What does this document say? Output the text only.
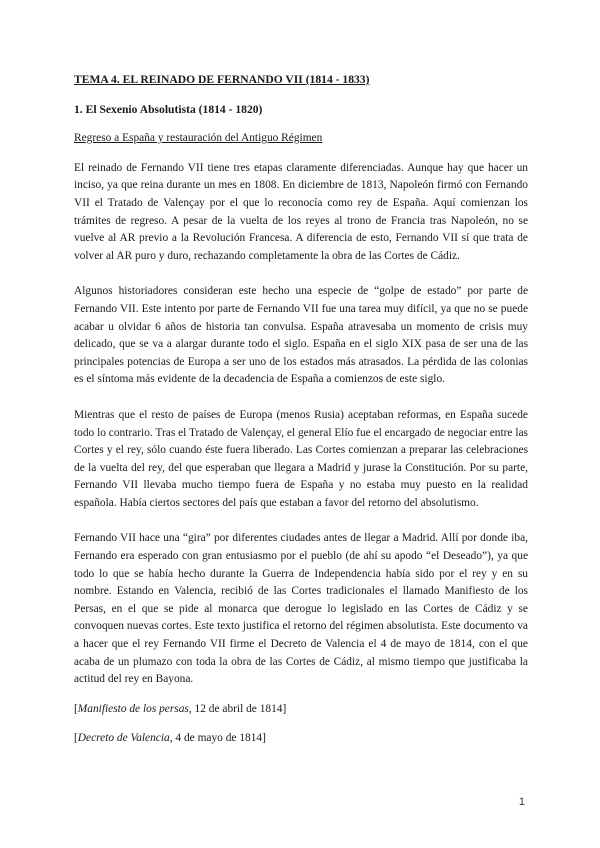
TEMA 4. EL REINADO DE FERNANDO VII (1814 - 1833)
1. El Sexenio Absolutista (1814 - 1820)
Regreso a España y restauración del Antiguo Régimen

El reinado de Fernando VII tiene tres etapas claramente diferenciadas. Aunque hay que hacer un inciso, ya que reina durante un mes en 1808. En diciembre de 1813, Napoleón firmó con Fernando VII el Tratado de Valençay por el que lo reconocía como rey de España. Aquí comienzan los trámites de regreso. A pesar de la vuelta de los reyes al trono de Francia tras Napoleón, no se vuelve al AR previo a la Revolución Francesa. A diferencia de esto, Fernando VII sí que trata de volver al AR puro y duro, rechazando completamente la obra de las Cortes de Cádiz.

Algunos historiadores consideran este hecho una especie de “golpe de estado” por parte de Fernando VII. Este intento por parte de Fernando VII fue una tarea muy difícil, ya que no se puede acabar u olvidar 6 años de historia tan convulsa. España atravesaba un momento de crisis muy delicado, que se va a alargar durante todo el siglo. España en el siglo XIX pasa de ser una de las principales potencias de Europa a ser uno de los estados más atrasados. La pérdida de las colonias es el síntoma más evidente de la decadencia de España a comienzos de este siglo.

Mientras que el resto de países de Europa (menos Rusia) aceptaban reformas, en España sucede todo lo contrario. Tras el Tratado de Valençay, el general Elío fue el encargado de negociar entre las Cortes y el rey, sólo cuando éste fuera liberado. Las Cortes comienzan a preparar las celebraciones de la vuelta del rey, del que esperaban que llegara a Madrid y jurase la Constitución. Por su parte, Fernando VII llevaba mucho tiempo fuera de España y no estaba muy puesto en la realidad española. Había ciertos sectores del país que estaban a favor del retorno del absolutismo.

Fernando VII hace una “gira” por diferentes ciudades antes de llegar a Madrid. Allí por donde iba, Fernando era esperado con gran entusiasmo por el pueblo (de ahí su apodo “el Deseado”), ya que todo lo que se había hecho durante la Guerra de Independencia había sido por el rey y en su nombre. Estando en Valencia, recibió de las Cortes tradicionales el llamado Manifiesto de los Persas, en el que se pide al monarca que derogue lo legislado en las Cortes de Cádiz y se convoquen nuevas cortes. Este texto justifica el retorno del régimen absolutista. Este documento va a hacer que el rey Fernando VII firme el Decreto de Valencia el 4 de mayo de 1814, con el que acaba de un plumazo con toda la obra de las Cortes de Cádiz, al mismo tiempo que justificaba la actitud del rey en Bayona.

[Manifiesto de los persas, 12 de abril de 1814]
[Decreto de Valencia, 4 de mayo de 1814]
1
